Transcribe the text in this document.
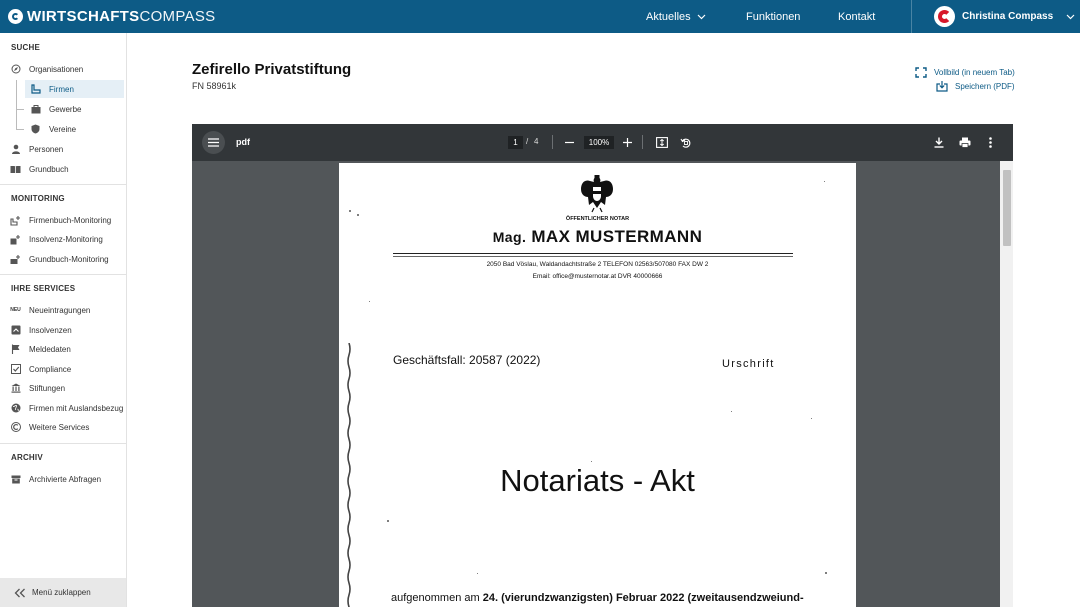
WIRTSCHAFTS COMPASS	Aktuelles	Funktionen	Kontakt	Christina Compass
SUCHE
Organisationen
Firmen
Gewerbe
Vereine
Personen
Grundbuch
MONITORING
Firmenbuch-Monitoring
Insolvenz-Monitoring
Grundbuch-Monitoring
IHRE SERVICES
NEU Neueintragungen
Insolvenzen
Meldedaten
Compliance
Stiftungen
Firmen mit Auslandsbezug
Weitere Services
ARCHIV
Archivierte Abfragen
Menü zuklappen
Zefirello Privatstiftung
FN 58961k
Vollbild (in neuem Tab)
Speichern (PDF)
pdf	1	/ 4	100%
ÖFFENTLICHER NOTAR
Mag. MAX MUSTERMANN
2050 Bad Vöslau, Waldandachtstraße 2 TELEFON 02563/507080 FAX DW 2
Email: office@musternotar.at DVR 40000666
Geschäftsfall: 20587 (2022)	Urschrift
Notariats - Akt
aufgenommen am 24. (vierundzwanzigsten) Februar 2022 (zweitausendzweiund-
